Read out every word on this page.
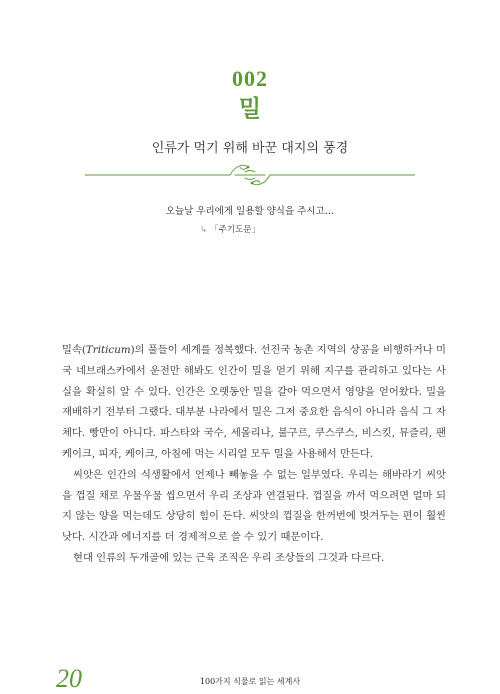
002
밀
인류가 먹기 위해 바꾼 대지의 풍경
오늘날 우리에게 일용할 양식을 주시고…
↳ 「주기도문」

밀속(Triticum)의 풀들이 세계를 정복했다. 선진국 농촌 지역의 상공을 비행하거나 미국 네브래스카에서 운전만 해봐도 인간이 밀을 얻기 위해 지구를 관리하고 있다는 사실을 확실히 알 수 있다. 인간은 오랫동안 밀을 갈아 먹으면서 영양을 얻어왔다. 밀을 재배하기 전부터 그랬다. 대부분 나라에서 밀은 그저 중요한 음식이 아니라 음식 그 자체다. 빵만이 아니다. 파스타와 국수, 세몰리나, 불구르, 쿠스쿠스, 비스킷, 뮤즐리, 팬케이크, 피자, 케이크, 아침에 먹는 시리얼 모두 밀을 사용해서 만든다.

씨앗은 인간의 식생활에서 언제나 빼놓을 수 없는 일부였다. 우리는 해바라기 씨앗을 껍질 채로 우물우물 씹으면서 우리 조상과 연결된다. 껍질을 까서 먹으려면 얼마 되지 않는 양을 먹는데도 상당히 힘이 든다. 씨앗의 껍질을 한꺼번에 벗겨두는 편이 훨씬 낫다. 시간과 에너지를 더 경제적으로 쓸 수 있기 때문이다.

현대 인류의 두개골에 있는 근육 조직은 우리 조상들의 그것과 다르다.

20	100가지 식물로 읽는 세계사
